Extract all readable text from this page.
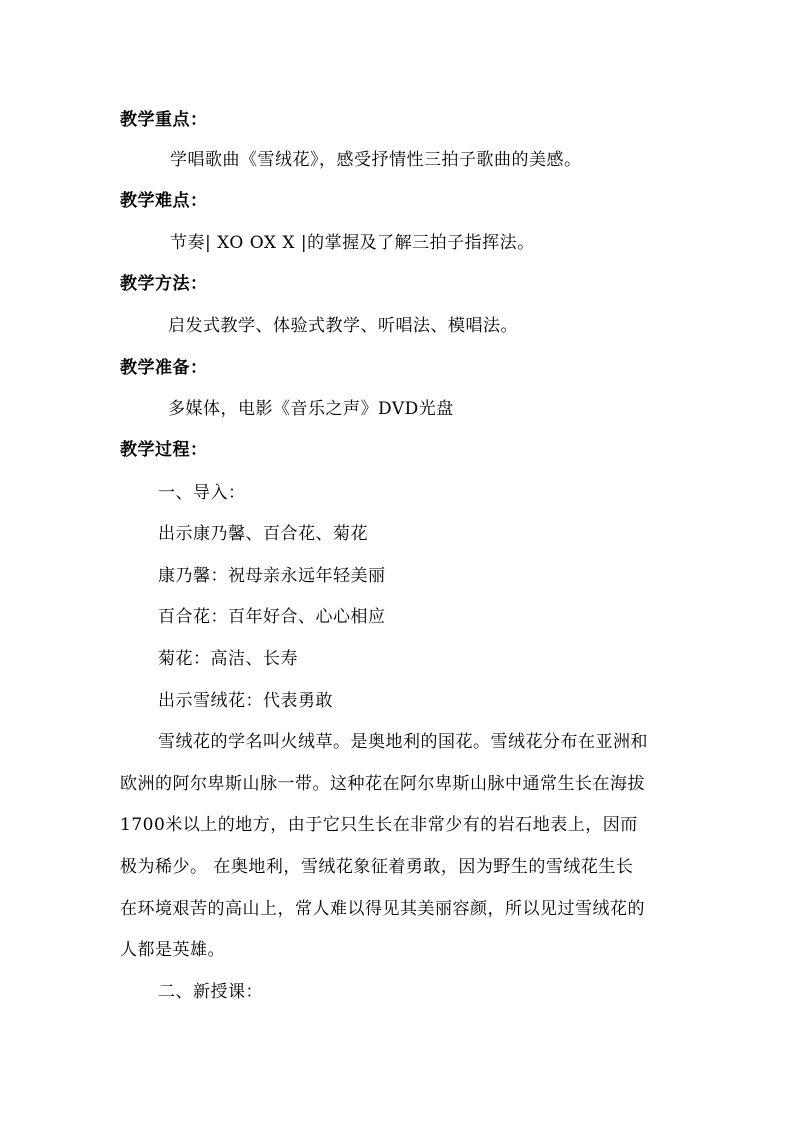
教学重点：
学唱歌曲《雪绒花》，感受抒情性三拍子歌曲的美感。
教学难点：
节奏| XO OX X |的掌握及了解三拍子指挥法。
教学方法：
启发式教学、体验式教学、听唱法、模唱法。
教学准备：
多媒体，电影《音乐之声》DVD光盘
教学过程：
一、导入：
出示康乃馨、百合花、菊花
康乃馨：祝母亲永远年轻美丽
百合花：百年好合、心心相应
菊花：高洁、长寿
出示雪绒花：代表勇敢
雪绒花的学名叫火绒草。是奥地利的国花。雪绒花分布在亚洲和
欧洲的阿尔卑斯山脉一带。这种花在阿尔卑斯山脉中通常生长在海拔
1700米以上的地方，由于它只生长在非常少有的岩石地表上，因而
极为稀少。 在奥地利，雪绒花象征着勇敢，因为野生的雪绒花生长
在环境艰苦的高山上，常人难以得见其美丽容颜，所以见过雪绒花的
人都是英雄。
二、新授课：
